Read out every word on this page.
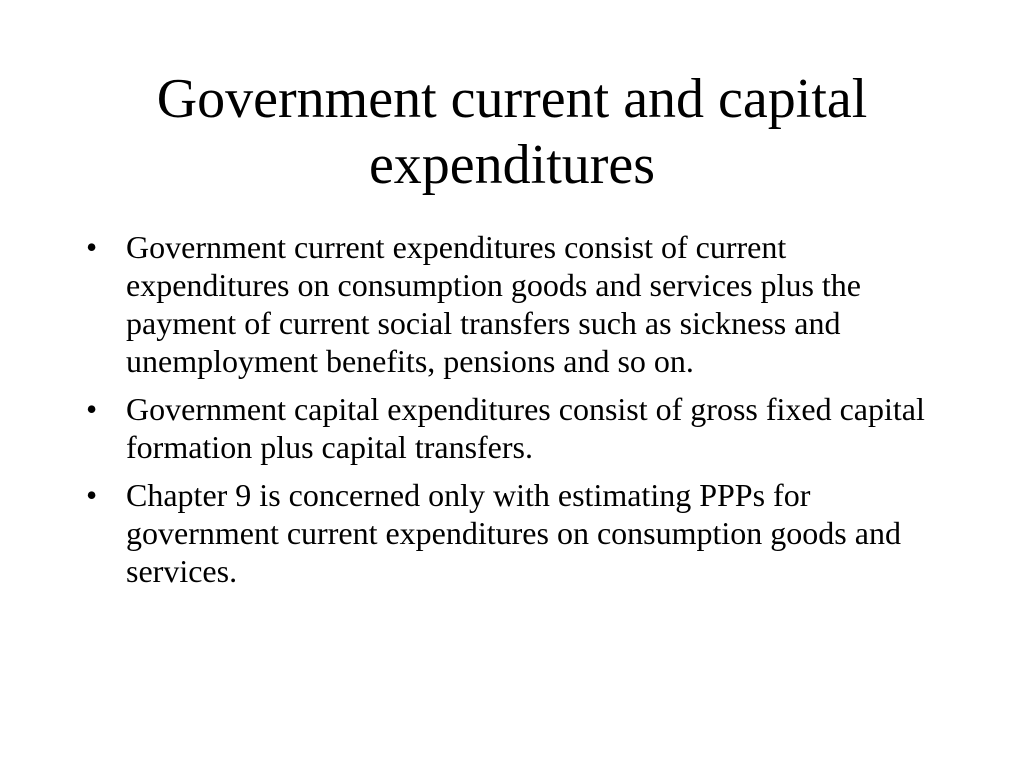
Government current and capital expenditures
• Government current expenditures consist of current expenditures on consumption goods and services plus the payment of current social transfers such as sickness and unemployment benefits, pensions and so on.
• Government capital expenditures consist of gross fixed capital formation plus capital transfers.
• Chapter 9 is concerned only with estimating PPPs for government current expenditures on consumption goods and services.
